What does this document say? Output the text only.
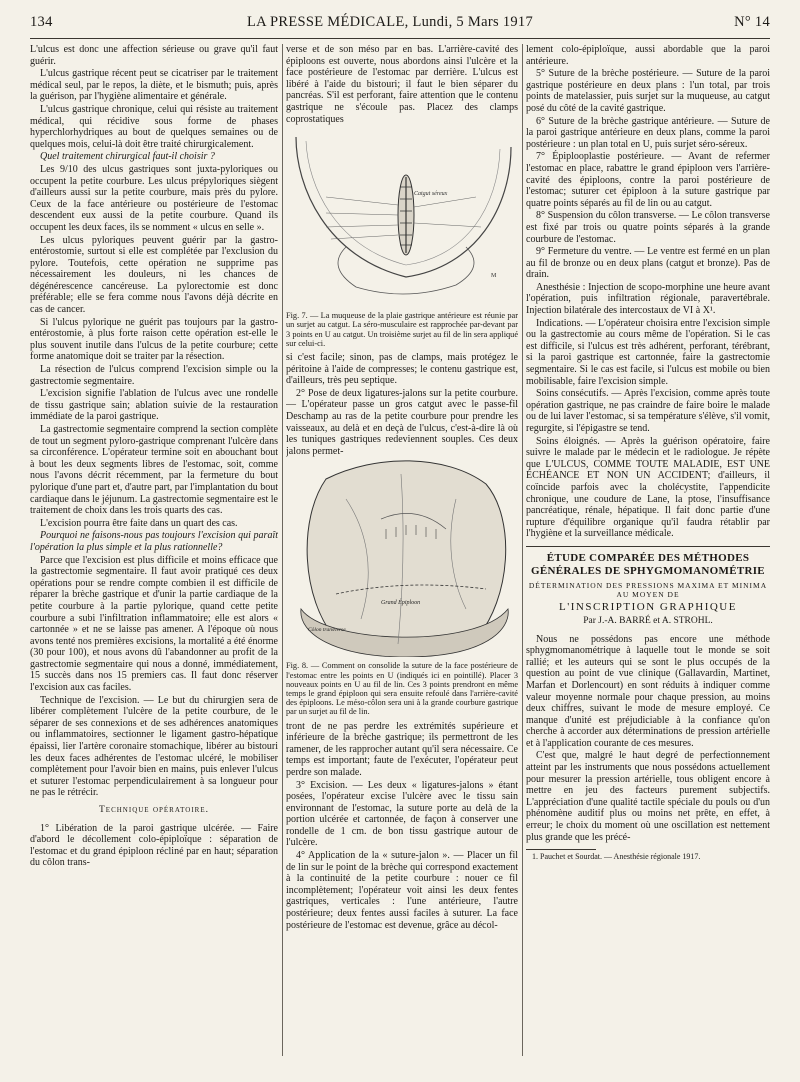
134	LA PRESSE MÉDICALE, Lundi, 5 Mars 1917	N° 14

L'ulcus est donc une affection sérieuse ou grave qu'il faut guérir.

L'ulcus gastrique récent peut se cicatriser par le traitement médical seul, par le repos, la diète, et le bismuth; puis, après la guérison, par l'hygiène alimentaire et générale.

L'ulcus gastrique chronique, celui qui résiste au traitement médical, qui récidive sous forme de phases hyperchlorhydriques au bout de quelques semaines ou de quelques mois, celui-là doit être traité chirurgicalement.

Quel traitement chirurgical faut-il choisir ?

Les 9/10 des ulcus gastriques sont juxta-pyloriques ou occupent la petite courbure. Les ulcus prépyloriques siègent d'ailleurs aussi sur la petite courbure, mais près du pylore. Ceux de la face antérieure ou postérieure de l'estomac descendent eux aussi de la petite courbure. Quand ils occupent les deux faces, ils se nomment « ulcus en selle ».

Les ulcus pyloriques peuvent guérir par la gastro-entérostomie, surtout si elle est complétée par l'exclusion du pylore. Toutefois, cette opération ne supprime pas nécessairement les douleurs, ni les chances de dégénérescence cancéreuse. La pylorectomie est donc préférable; elle se fera comme nous l'avons déjà décrite en cas de cancer.

Si l'ulcus pylorique ne guérit pas toujours par la gastro-entérostomie, à plus forte raison cette opération est-elle le plus souvent inutile dans l'ulcus de la petite courbure; cette forme anatomique doit se traiter par la résection.

La résection de l'ulcus comprend l'excision simple ou la gastrectomie segmentaire.

L'excision signifie l'ablation de l'ulcus avec une rondelle de tissu gastrique sain; ablation suivie de la restauration immédiate de la paroi gastrique.

La gastrectomie segmentaire comprend la section complète de tout un segment pyloro-gastrique comprenant l'ulcère dans sa circonférence. L'opérateur termine soit en abouchant bout à bout les deux segments libres de l'estomac, soit, comme nous l'avons décrit récemment, par la fermeture du bout pylorique d'une part et, d'autre part, par l'implantation du bout cardiaque dans le jéjunum. La gastrectomie segmentaire est le traitement de choix dans les trois quarts des cas.

L'excision pourra être faite dans un quart des cas.

Pourquoi ne faisons-nous pas toujours l'excision qui paraît l'opération la plus simple et la plus rationnelle?

Parce que l'excision est plus difficile et moins efficace que la gastrectomie segmentaire. Il faut avoir pratiqué ces deux opérations pour se rendre compte combien il est difficile de réparer la brèche gastrique et d'unir la partie cardiaque de la petite courbure à la partie pylorique, quand cette petite courbure a subi l'infiltration inflammatoire; elle est alors « cartonnée » et ne se laisse pas amener. A l'époque où nous avons tenté nos premières excisions, la mortalité a été énorme (30 pour 100), et nous avons dû l'abandonner au profit de la gastrectomie segmentaire qui nous a donné, immédiatement, 15 succès dans nos 15 premiers cas. Il faut donc réserver l'excision aux cas faciles.

Technique de l'excision. — Le but du chirurgien sera de libérer complètement l'ulcère de la petite courbure, de le séparer de ses connexions et de ses adhérences anatomiques ou inflammatoires, sectionner le ligament gastro-hépatique épaissi, lier l'artère coronaire stomachique, libérer au bistouri les deux faces adhérentes de l'estomac ulcéré, le mobiliser complètement pour l'avoir bien en mains, puis enlever l'ulcus et suturer l'estomac perpendiculairement à sa longueur pour ne pas le rétrécir.

Technique opératoire.

1° Libération de la paroi gastrique ulcérée. — Faire d'abord le décollement colo-épiploïque : séparation de l'estomac et du grand épiploon récliné par en haut; séparation du côlon trans-

verse et de son méso par en bas. L'arrière-cavité des épiploons est ouverte, nous abordons ainsi l'ulcère et la face postérieure de l'estomac par derrière. L'ulcus est libéré à l'aide du bistouri; il faut le bien séparer du pancréas. S'il est perforant, faire attention que le contenu gastrique ne s'écoule pas. Placez des clamps coprostatiques

Catgut séreux
M

Fig. 7. — La muqueuse de la plaie gastrique antérieure est réunie par un surjet au catgut. La séro-musculaire est rapprochée par-devant par 3 points en U au catgut. Un troisième surjet au fil de lin sera appliqué sur celui-ci.

si c'est facile; sinon, pas de clamps, mais protégez le péritoine à l'aide de compresses; le contenu gastrique est, d'ailleurs, très peu septique.

2° Pose de deux ligatures-jalons sur la petite courbure. — L'opérateur passe un gros catgut avec le passe-fil Deschamp au ras de la petite courbure pour prendre les vaisseaux, au delà et en deçà de l'ulcus, c'est-à-dire là où les tuniques gastriques redeviennent souples. Ces deux jalons permet-

Grand Épiploon
Côlon transverse

Fig. 8. — Comment on consolide la suture de la face postérieure de l'estomac entre les points en U (indiqués ici en pointillé). Placer 3 nouveaux points en U au fil de lin. Ces 3 points prendront en même temps le grand épiploon qui sera ensuite refoulé dans l'arrière-cavité des épiploons. Le méso-côlon sera uni à la grande courbure gastrique par un surjet au fil de lin.

tront de ne pas perdre les extrémités supérieure et inférieure de la brèche gastrique; ils permettront de les ramener, de les rapprocher autant qu'il sera nécessaire. Ce temps est important; faute de l'exécuter, l'opérateur peut perdre son malade.

3° Excision. — Les deux « ligatures-jalons » étant posées, l'opérateur excise l'ulcère avec le tissu sain environnant de l'estomac, la suture porte au delà de la portion ulcérée et cartonnée, de façon à conserver une rondelle de 1 cm. de bon tissu gastrique autour de l'ulcère.

4° Application de la « suture-jalon ». — Placer un fil de lin sur le point de la brèche qui correspond exactement à la continuité de la petite courbure : nouer ce fil incomplètement; l'opérateur voit ainsi les deux fentes gastriques, verticales : l'une antérieure, l'autre postérieure; deux fentes aussi faciles à suturer. La face postérieure de l'estomac est devenue, grâce au décol-

lement colo-épiploïque, aussi abordable que la paroi antérieure.

5° Suture de la brèche postérieure. — Suture de la paroi gastrique postérieure en deux plans : l'un total, par trois points de matelassier, puis surjet sur la muqueuse, au catgut posé du côté de la cavité gastrique.

6° Suture de la brèche gastrique antérieure. — Suture de la paroi gastrique antérieure en deux plans, comme la paroi postérieure : un plan total en U, puis surjet séro-séreux.

7° Épiplooplastie postérieure. — Avant de refermer l'estomac en place, rabattre le grand épiploon vers l'arrière-cavité des épiploons, contre la paroi postérieure de l'estomac; suturer cet épiploon à la suture gastrique par quatre points séparés au fil de lin ou au catgut.

8° Suspension du côlon transverse. — Le côlon transverse est fixé par trois ou quatre points séparés à la grande courbure de l'estomac.

9° Fermeture du ventre. — Le ventre est fermé en un plan au fil de bronze ou en deux plans (catgut et bronze). Pas de drain.

Anesthésie : Injection de scopo-morphine une heure avant l'opération, puis infiltration régionale, paravertébrale. Injection bilatérale des intercostaux de VI à X¹.

Indications. — L'opérateur choisira entre l'excision simple ou la gastrectomie au cours même de l'opération. Si le cas est difficile, si l'ulcus est très adhérent, perforant, térébrant, si la paroi gastrique est cartonnée, faire la gastrectomie segmentaire. Si le cas est facile, si l'ulcus est mobile ou bien mobilisable, faire l'excision simple.

Soins consécutifs. — Après l'excision, comme après toute opération gastrique, ne pas craindre de faire boire le malade ou de lui laver l'estomac, si sa température s'élève, s'il vomit, regurgite, si l'épigastre se tend.

Soins éloignés. — Après la guérison opératoire, faire suivre le malade par le médecin et le radiologue. Je répète que L'ULCUS, COMME TOUTE MALADIE, EST UNE ÉCHÉANCE ET NON UN ACCIDENT; d'ailleurs, il coïncide parfois avec la cholécystite, l'appendicite chronique, une coudure de Lane, la ptose, l'insuffisance pancréatique, rénale, hépatique. Il fait donc partie d'une rupture d'équilibre organique qu'il faudra rétablir par l'hygiène et la surveillance médicale.

ÉTUDE COMPARÉE DES MÉTHODES GÉNÉRALES DE SPHYGMOMANOMÉTRIE
DÉTERMINATION DES PRESSIONS MAXIMA ET MINIMA AU MOYEN DE
L'INSCRIPTION GRAPHIQUE
Par J.-A. BARRÉ et A. STROHL.

Nous ne possédons pas encore une méthode sphygmomanométrique à laquelle tout le monde se soit rallié; et les auteurs qui se sont le plus occupés de la question au point de vue clinique (Gallavardin, Martinet, Marfan et Dorlencourt) en sont réduits à indiquer comme valeur moyenne normale pour chaque pression, au moins deux chiffres, suivant le mode de mesure employé. Ce manque d'unité est préjudiciable à la confiance qu'on cherche à accorder aux déterminations de pression artérielle et à l'application courante de ces mesures.

C'est que, malgré le haut degré de perfectionnement atteint par les instruments que nous possédons actuellement pour mesurer la pression artérielle, tous obligent encore à mettre en jeu des facteurs purement subjectifs. L'appréciation d'une qualité tactile spéciale du pouls ou d'un phénomène auditif plus ou moins net prête, en effet, à erreur; le choix du moment où une oscillation est nettement plus grande que les précé-

1. Pauchet et Sourdat. — Anesthésie régionale 1917.
